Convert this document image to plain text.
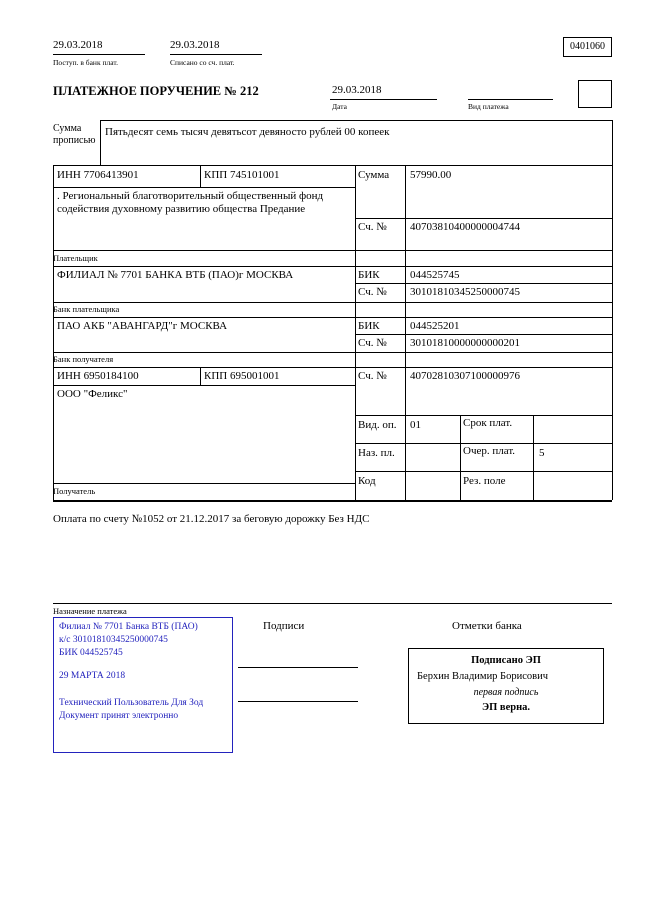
29.03.2018
Поступ. в банк плат.
29.03.2018
Списано со сч. плат.
0401060
ПЛАТЕЖНОЕ ПОРУЧЕНИЕ № 212	29.03.2018
Дата	Вид платежа
Сумма прописью
Пятьдесят семь тысяч девятьсот девяносто рублей 00 копеек
ИНН 7706413901	КПП 745101001	Сумма 57990.00
. Региональный благотворительный общественный фонд содействия духовному развитию общества Предание
Сч. № 40703810400000004744
Плательщик
ФИЛИАЛ № 7701 БАНКА ВТБ (ПАО)г МОСКВА	БИК	044525745
Сч. № 30101810345250000745
Банк плательщика
ПАО АКБ "АВАНГАРД"г МОСКВА	БИК	044525201
Сч. № 30101810000000000201
Банк получателя
ИНН 6950184100	КПП 695001001	Сч. № 40702810307100000976
ООО "Феликс"
Получатель
Вид. оп. 01	Срок плат.
Наз. пл.	Очер. плат. 5
Код	Рез. поле
Оплата по счету №1052 от 21.12.2017 за беговую дорожку Без НДС
Назначение платежа
Подписи	Отметки банка
Филиал № 7701 Банка ВТБ (ПАО)
к/с 30101810345250000745
БИК 044525745
29 МАРТА 2018
Технический Пользователь Для Зод
Документ принят электронно
Подписано ЭП
Берхин Владимир Борисович
первая подпись
ЭП верна.
